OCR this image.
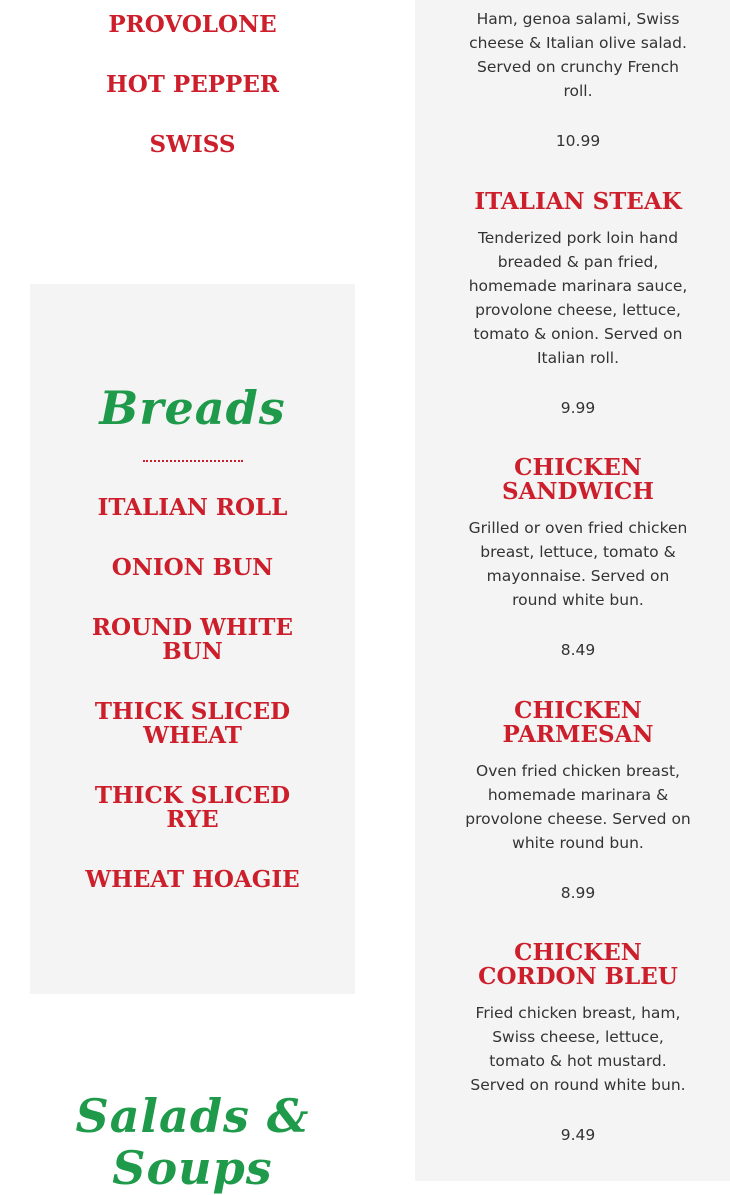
PROVOLONE
HOT PEPPER
SWISS
Breads
ITALIAN ROLL
ONION BUN
ROUND WHITE BUN
THICK SLICED WHEAT
THICK SLICED RYE
WHEAT HOAGIE
Salads & Soups

Ham, genoa salami, Swiss cheese & Italian olive salad. Served on crunchy French roll.

10.99

ITALIAN STEAK

Tenderized pork loin hand breaded & pan fried, homemade marinara sauce, provolone cheese, lettuce, tomato & onion. Served on Italian roll.

9.99

CHICKEN SANDWICH

Grilled or oven fried chicken breast, lettuce, tomato & mayonnaise. Served on round white bun.

8.49

CHICKEN PARMESAN

Oven fried chicken breast, homemade marinara & provolone cheese. Served on white round bun.

8.99

CHICKEN CORDON BLEU

Fried chicken breast, ham, Swiss cheese, lettuce, tomato & hot mustard. Served on round white bun.

9.49
